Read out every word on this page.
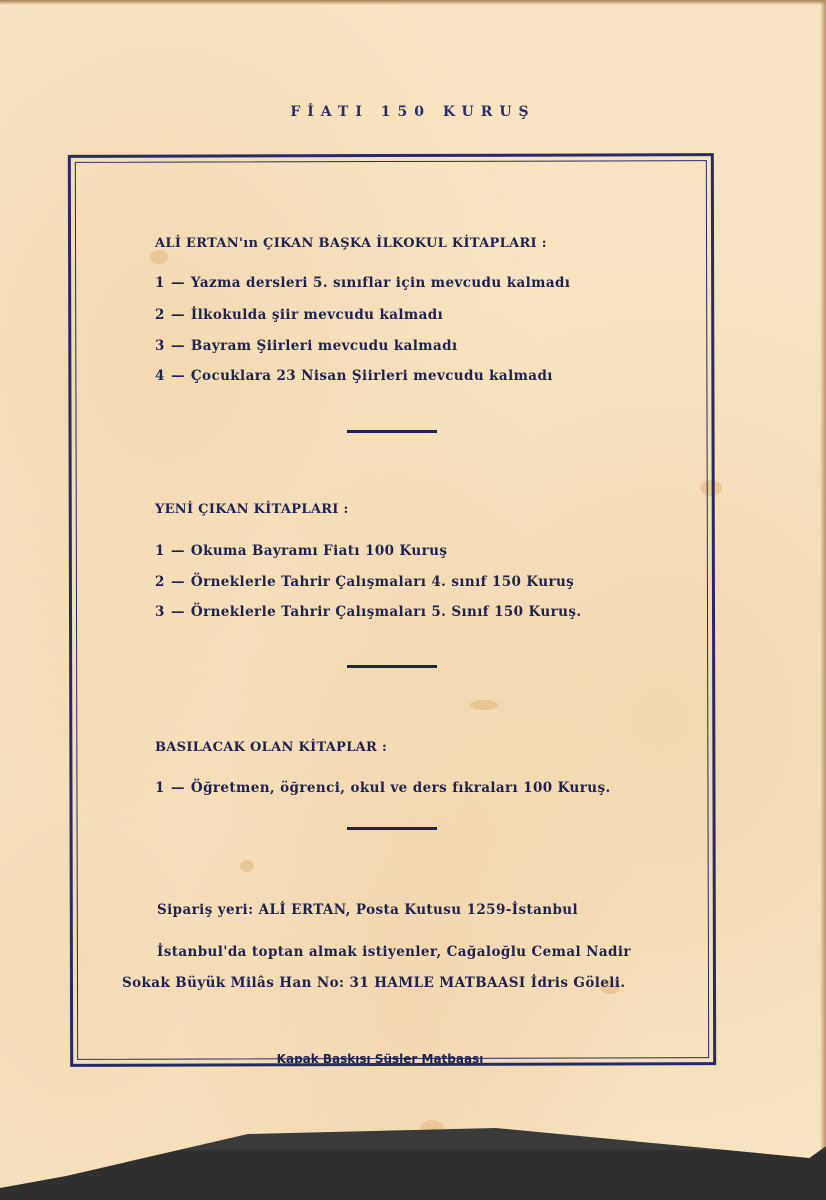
FİATI 150 KURUŞ
ALİ ERTAN'ın ÇIKAN BAŞKA İLKOKUL KİTAPLARI :
1 — Yazma dersleri 5. sınıflar için mevcudu kalmadı
2 — İlkokulda şiir mevcudu kalmadı
3 — Bayram Şiirleri mevcudu kalmadı
4 — Çocuklara 23 Nisan Şiirleri mevcudu kalmadı
YENİ ÇIKAN KİTAPLARI :
1 — Okuma Bayramı Fiatı 100 Kuruş
2 — Örneklerle Tahrir Çalışmaları 4. sınıf 150 Kuruş
3 — Örneklerle Tahrir Çalışmaları 5. Sınıf 150 Kuruş.
BASILACAK OLAN KİTAPLAR :
1 — Öğretmen, öğrenci, okul ve ders fıkraları 100 Kuruş.
Sipariş yeri: ALİ ERTAN, Posta Kutusu 1259-İstanbul
İstanbul'da toptan almak istiyenler, Cağaloğlu Cemal Nadir
Sokak Büyük Milâs Han No: 31 HAMLE MATBAASI İdris Göleli.
Kapak Baskısı Süsler Matbaası
